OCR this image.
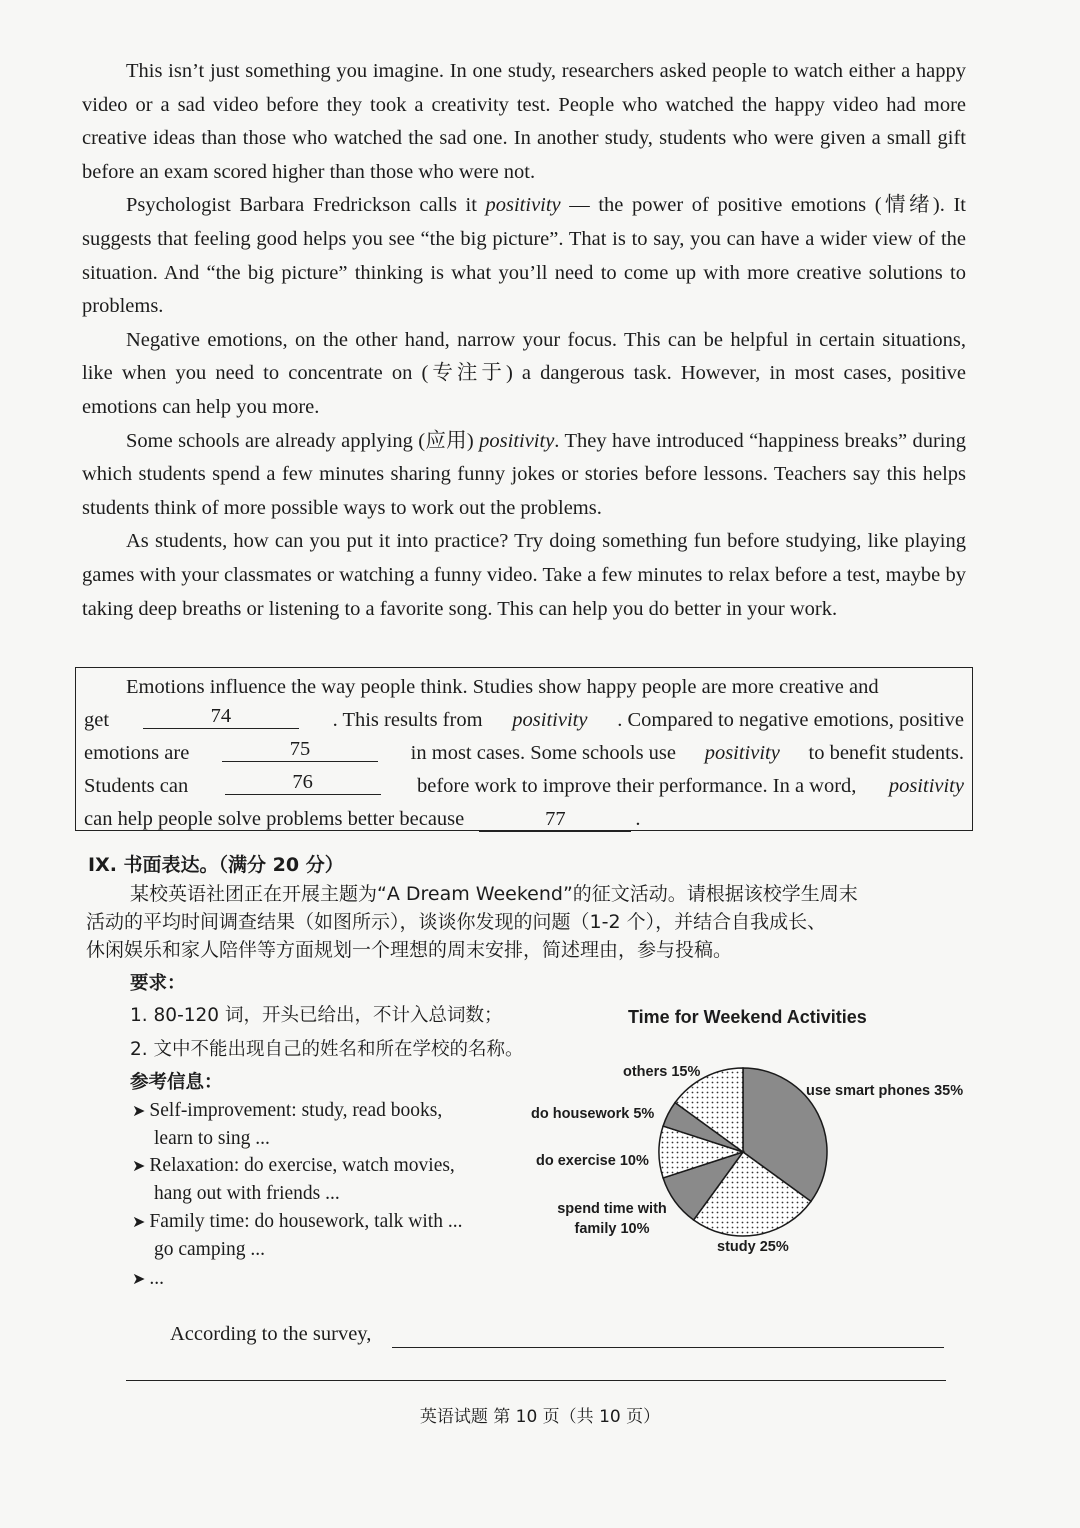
This isn’t just something you imagine. In one study, researchers asked people to watch either a happy video or a sad video before they took a creativity test. People who watched the happy video had more creative ideas than those who watched the sad one. In another study, students who were given a small gift before an exam scored higher than those who were not.

Psychologist Barbara Fredrickson calls it positivity — the power of positive emotions (情绪). It suggests that feeling good helps you see “the big picture”. That is to say, you can have a wider view of the situation. And “the big picture” thinking is what you’ll need to come up with more creative solutions to problems.

Negative emotions, on the other hand, narrow your focus. This can be helpful in certain situations, like when you need to concentrate on (专注于) a dangerous task. However, in most cases, positive emotions can help you more.

Some schools are already applying (应用) positivity. They have introduced “happiness breaks” during which students spend a few minutes sharing funny jokes or stories before lessons. Teachers say this helps students think of more possible ways to work out the problems.

As students, how can you put it into practice? Try doing something fun before studying, like playing games with your classmates or watching a funny video. Take a few minutes to relax before a test, maybe by taking deep breaths or listening to a favorite song. This can help you do better in your work.

Emotions influence the way people think. Studies show happy people are more creative and
get	74	. This results from positivity . Compared to negative emotions, positive
emotions are	75	in most cases. Some schools use positivity to benefit students.
Students can	76	before work to improve their performance. In a word, positivity
can help people solve problems better because	77	.
IX. 书面表达。（满分 20 分）
某校英语社团正在开展主题为“A Dream Weekend”的征文活动。请根据该校学生周末
活动的平均时间调查结果（如图所示），谈谈你发现的问题（1-2 个），并结合自我成长、
休闲娱乐和家人陪伴等方面规划一个理想的周末安排，简述理由，参与投稿。
要求：
1. 80-120 词，开头已给出，不计入总词数；
2. 文中不能出现自己的姓名和所在学校的名称。
参考信息：
➤ Self-improvement: study, read books,
learn to sing ...
➤ Relaxation: do exercise, watch movies,
hang out with friends ...
➤ Family time: do housework, talk with ...
go camping ...
➤ ...
Time for Weekend Activities
others 15%
use smart phones 35%
do housework 5%
do exercise 10%
spend time with
family 10%
study 25%
According to the survey,
英语试题 第 10 页（共 10 页）
